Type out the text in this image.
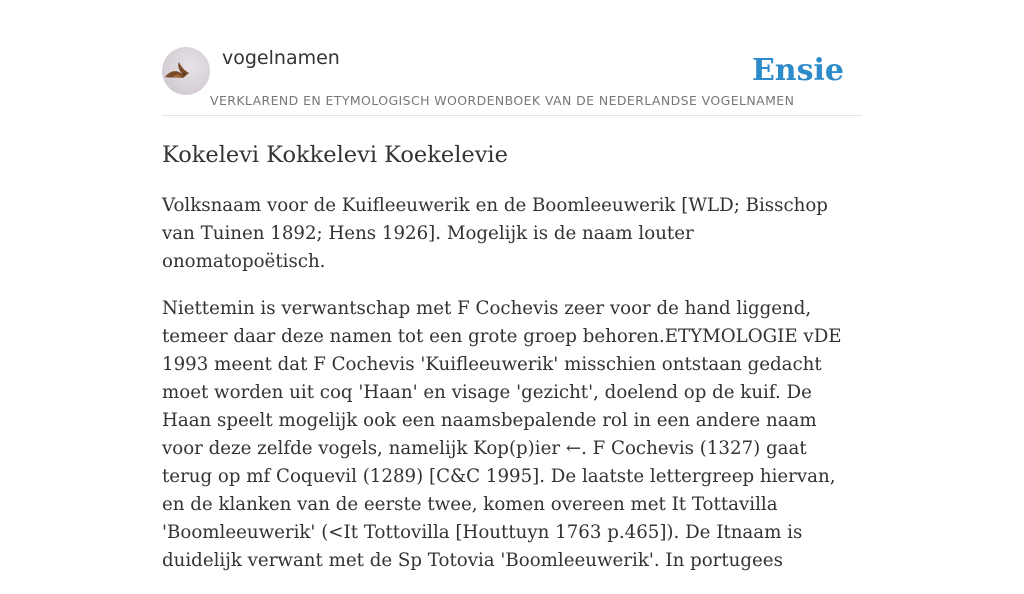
vogelnamen
VERKLAREND EN ETYMOLOGISCH WOORDENBOEK VAN DE NEDERLANDSE VOGELNAMEN
Ensie
Kokelevi Kokkelevi Koekelevie

Volksnaam voor de Kuifleeuwerik en de Boomleeuwerik [WLD; Bisschop van Tuinen 1892; Hens 1926]. Mogelijk is de naam louter onomatopoëtisch.

Niettemin is verwantschap met F Cochevis zeer voor de hand liggend, temeer daar deze namen tot een grote groep behoren.ETYMOLOGIE vDE 1993 meent dat F Cochevis 'Kuifleeuwerik' misschien ontstaan gedacht moet worden uit coq 'Haan' en visage 'gezicht', doelend op de kuif. De Haan speelt mogelijk ook een naamsbepalende rol in een andere naam voor deze zelfde vogels, namelijk Kop(p)ier ←. F Cochevis (1327) gaat terug op mf Coquevil (1289) [C&C 1995]. De laatste lettergreep hiervan, en de klanken van de eerste twee, komen overeen met It Tottavilla 'Boomleeuwerik' (<It Tottovilla [Houttuyn 1763 p.465]). De Itnaam is duidelijk verwant met de Sp Totovia 'Boomleeuwerik'. In portugees
